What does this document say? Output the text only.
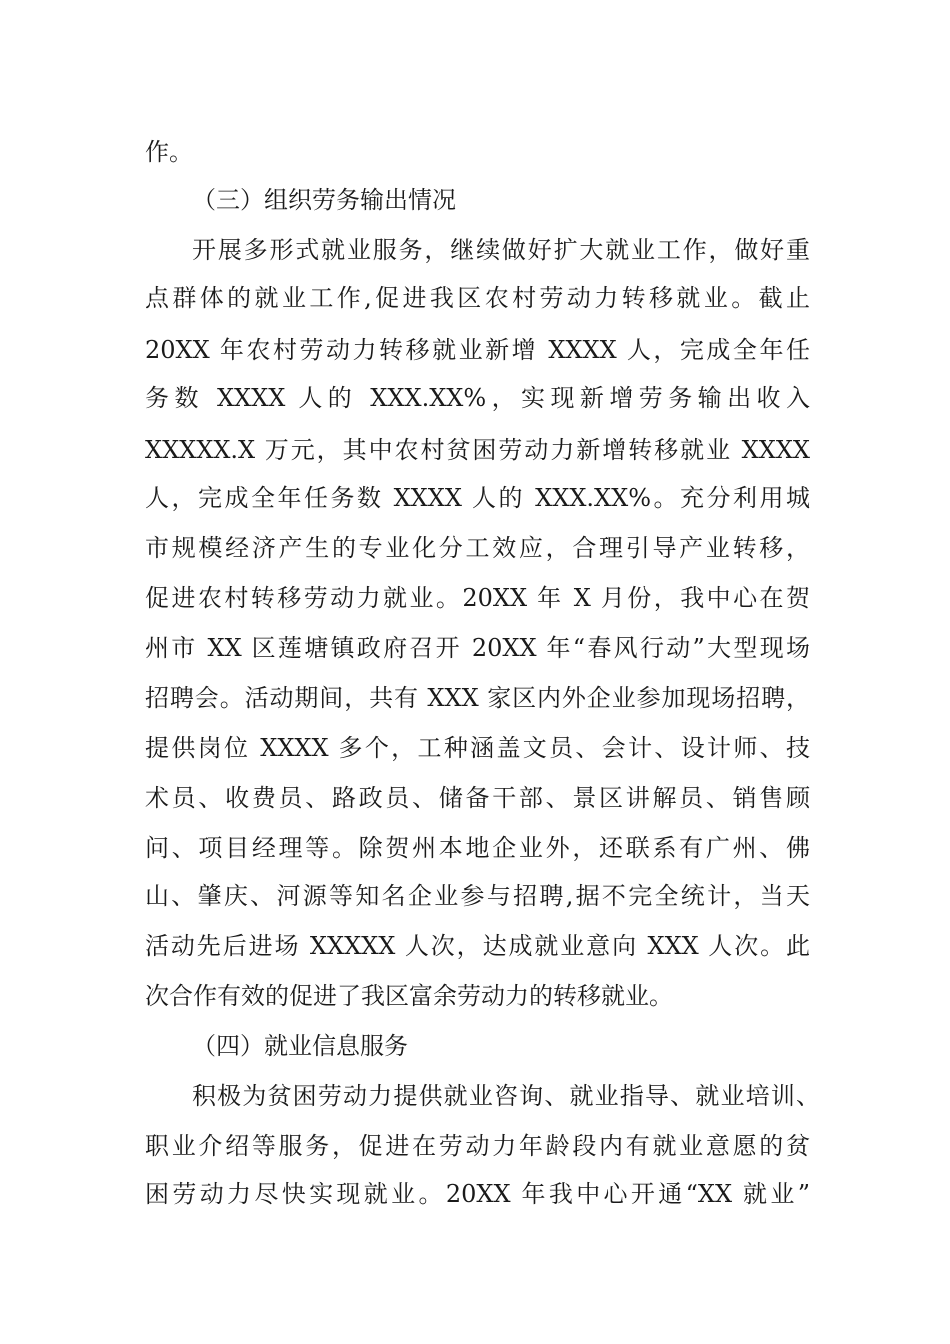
作。
（三）组织劳务输出情况
开展多形式就业服务，继续做好扩大就业工作，做好重
点群体的就业工作,促进我区农村劳动力转移就业。截止
20XX 年农村劳动力转移就业新增 XXXX 人，完成全年任
务数 XXXX 人的 XXX.XX%，实现新增劳务输出收入
XXXXX.X 万元，其中农村贫困劳动力新增转移就业 XXXX
人，完成全年任务数 XXXX 人的 XXX.XX%。充分利用城
市规模经济产生的专业化分工效应，合理引导产业转移，
促进农村转移劳动力就业。20XX 年 X 月份，我中心在贺
州市 XX 区莲塘镇政府召开 20XX 年“春风行动”大型现场
招聘会。活动期间，共有 XXX 家区内外企业参加现场招聘，
提供岗位 XXXX 多个，工种涵盖文员、会计、设计师、技
术员、收费员、路政员、储备干部、景区讲解员、销售顾
问、项目经理等。除贺州本地企业外，还联系有广州、佛
山、肇庆、河源等知名企业参与招聘,据不完全统计，当天
活动先后进场 XXXXX 人次，达成就业意向 XXX 人次。此
次合作有效的促进了我区富余劳动力的转移就业。
（四）就业信息服务
积极为贫困劳动力提供就业咨询、就业指导、就业培训、
职业介绍等服务，促进在劳动力年龄段内有就业意愿的贫
困劳动力尽快实现就业。20XX 年我中心开通“XX 就业”
